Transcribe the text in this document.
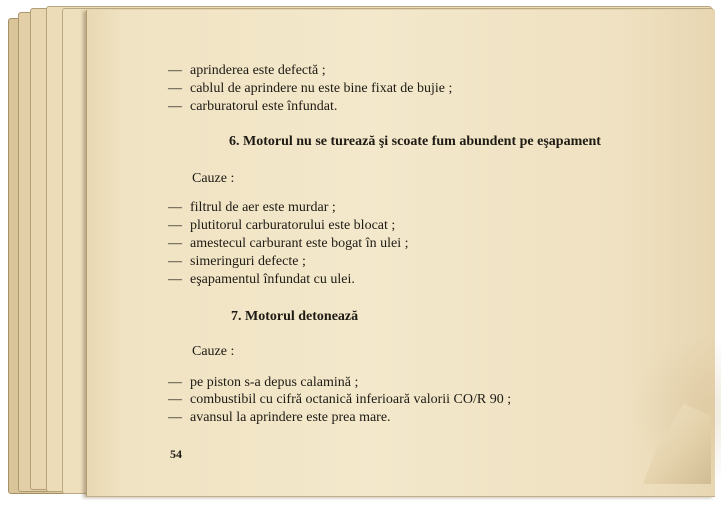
— aprinderea este defectă ;
— cablul de aprindere nu este bine fixat de bujie ;
— carburatorul este înfundat.
6. Motorul nu se turează şi scoate fum abundent pe eşapament
Cauze :
— filtrul de aer este murdar ;
— plutitorul carburatorului este blocat ;
— amestecul carburant este bogat în ulei ;
— simeringuri defecte ;
— eşapamentul înfundat cu ulei.
7. Motorul detonează
Cauze :
— pe piston s-a depus calamină ;
— combustibil cu cifră octanică inferioară valorii CO/R 90 ;
— avansul la aprindere este prea mare.
54
